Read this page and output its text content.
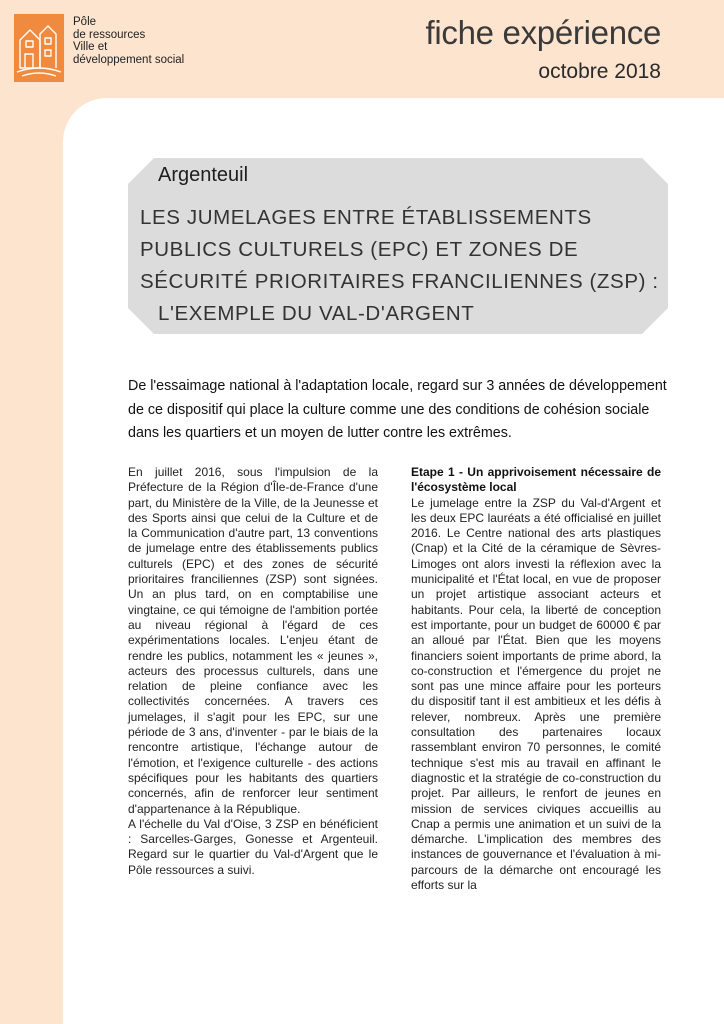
Pôle
de ressources
Ville et
développement social
fiche expérience
octobre 2018
Argenteuil
LES JUMELAGES ENTRE ÉTABLISSEMENTS
PUBLICS CULTURELS (EPC) ET ZONES DE
SÉCURITÉ PRIORITAIRES FRANCILIENNES (ZSP) :
L'EXEMPLE DU VAL-D'ARGENT
De l'essaimage national à l'adaptation locale, regard sur 3 années de développement de ce dispositif qui place la culture comme une des conditions de cohésion sociale dans les quartiers et un moyen de lutter contre les extrêmes.

En juillet 2016, sous l'impulsion de la Préfecture de la Région d'Île-de-France d'une part, du Ministère de la Ville, de la Jeunesse et des Sports ainsi que celui de la Culture et de la Communication d'autre part, 13 conventions de jumelage entre des établissements publics culturels (EPC) et des zones de sécurité prioritaires franciliennes (ZSP) sont signées. Un an plus tard, on en comptabilise une vingtaine, ce qui témoigne de l'ambition portée au niveau régional à l'égard de ces expérimentations locales. L'enjeu étant de rendre les publics, notamment les « jeunes », acteurs des processus culturels, dans une relation de pleine confiance avec les collectivités concernées. A travers ces jumelages, il s'agit pour les EPC, sur une période de 3 ans, d'inventer - par le biais de la rencontre artistique, l'échange autour de l'émotion, et l'exigence culturelle - des actions spécifiques pour les habitants des quartiers concernés, afin de renforcer leur sentiment d'appartenance à la République.

A l'échelle du Val d'Oise, 3 ZSP en bénéficient : Sarcelles-Garges, Gonesse et Argenteuil. Regard sur le quartier du Val-d'Argent que le Pôle ressources a suivi.

Etape 1 - Un apprivoisement nécessaire de l'écosystème local

Le jumelage entre la ZSP du Val-d'Argent et les deux EPC lauréats a été officialisé en juillet 2016. Le Centre national des arts plastiques (Cnap) et la Cité de la céramique de Sèvres-Limoges ont alors investi la réflexion avec la municipalité et l'État local, en vue de proposer un projet artistique associant acteurs et habitants. Pour cela, la liberté de conception est importante, pour un budget de 60000 € par an alloué par l'État. Bien que les moyens financiers soient importants de prime abord, la co-construction et l'émergence du projet ne sont pas une mince affaire pour les porteurs du dispositif tant il est ambitieux et les défis à relever, nombreux. Après une première consultation des partenaires locaux rassemblant environ 70 personnes, le comité technique s'est mis au travail en affinant le diagnostic et la stratégie de co-construction du projet. Par ailleurs, le renfort de jeunes en mission de services civiques accueillis au Cnap a permis une animation et un suivi de la démarche. L'implication des membres des instances de gouvernance et l'évaluation à mi-parcours de la démarche ont encouragé les efforts sur la
